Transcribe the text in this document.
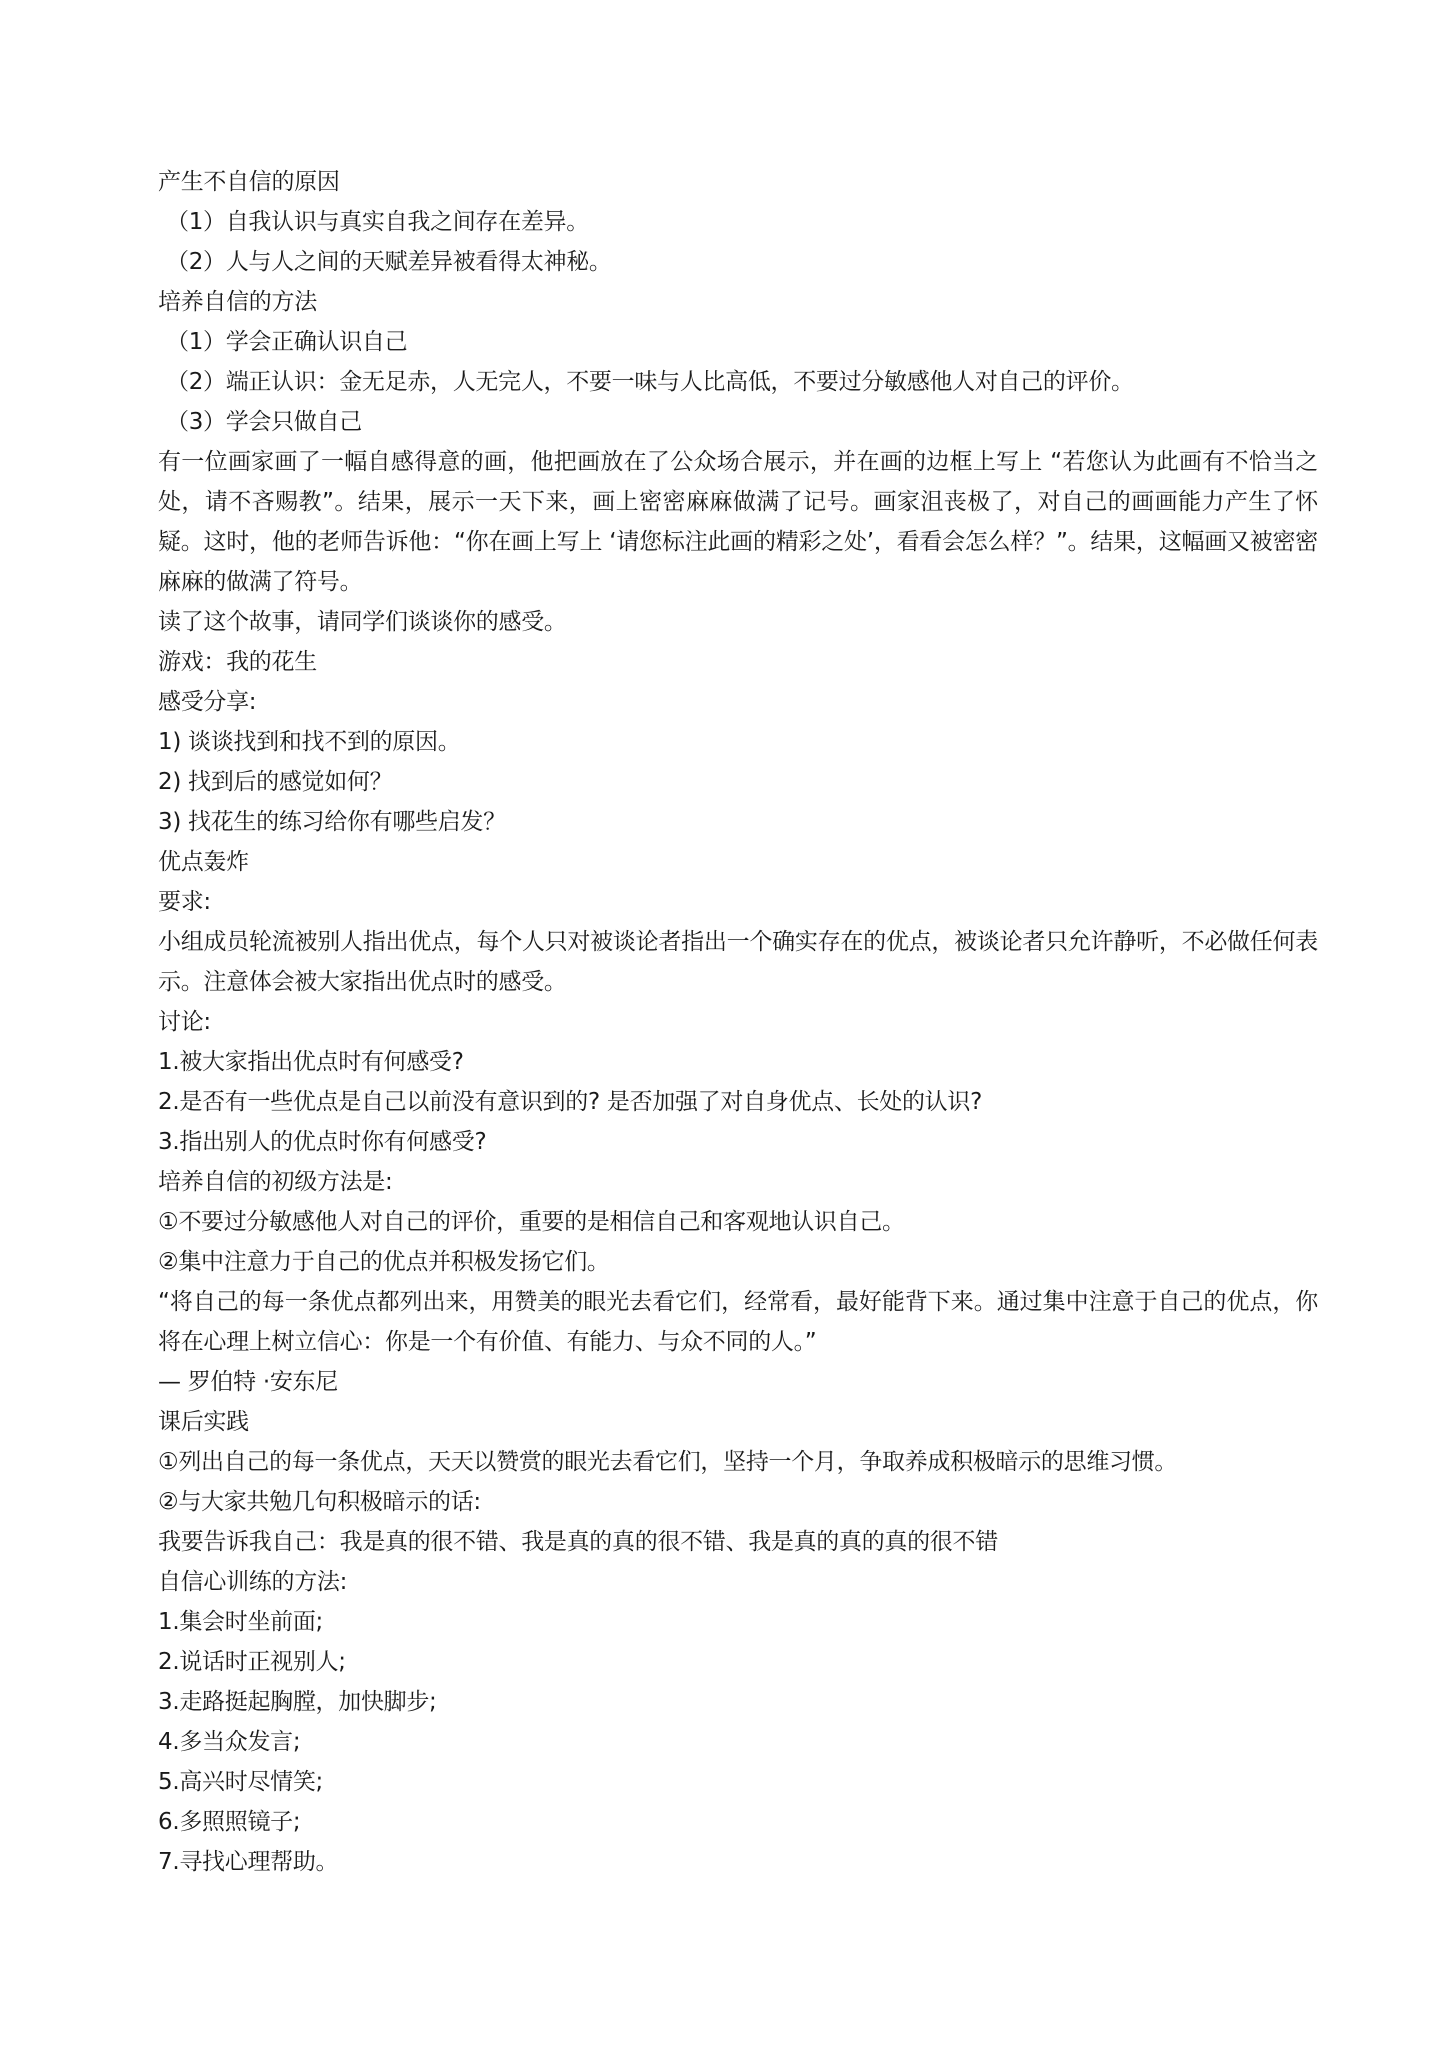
产生不自信的原因

（1）自我认识与真实自我之间存在差异。

（2）人与人之间的天赋差异被看得太神秘。

培养自信的方法

（1）学会正确认识自己

（2）端正认识：金无足赤，人无完人，不要一味与人比高低，不要过分敏感他人对自己的评价。

（3）学会只做自己

有一位画家画了一幅自感得意的画，他把画放在了公众场合展示，并在画的边框上写上 “若您认为此画有不恰当之处，请不吝赐教”。结果，展示一天下来，画上密密麻麻做满了记号。画家沮丧极了，对自己的画画能力产生了怀疑。这时，他的老师告诉他：“你在画上写上 ‘请您标注此画的精彩之处’，看看会怎么样？”。结果，这幅画又被密密麻麻的做满了符号。

读了这个故事，请同学们谈谈你的感受。

游戏：我的花生

感受分享:

1) 谈谈找到和找不到的原因。

2) 找到后的感觉如何？

3) 找花生的练习给你有哪些启发？

优点轰炸

要求:

小组成员轮流被别人指出优点，每个人只对被谈论者指出一个确实存在的优点，被谈论者只允许静听，不必做任何表示。注意体会被大家指出优点时的感受。

讨论:

1.被大家指出优点时有何感受?

2.是否有一些优点是自己以前没有意识到的? 是否加强了对自身优点、长处的认识?

3.指出别人的优点时你有何感受?

培养自信的初级方法是:

①不要过分敏感他人对自己的评价，重要的是相信自己和客观地认识自己。

②集中注意力于自己的优点并积极发扬它们。

“将自己的每一条优点都列出来，用赞美的眼光去看它们，经常看，最好能背下来。通过集中注意于自己的优点，你将在心理上树立信心：你是一个有价值、有能力、与众不同的人。”

— 罗伯特 ·安东尼

课后实践

①列出自己的每一条优点，天天以赞赏的眼光去看它们，坚持一个月，争取养成积极暗示的思维习惯。

②与大家共勉几句积极暗示的话:

我要告诉我自己：我是真的很不错、我是真的真的很不错、我是真的真的真的很不错

自信心训练的方法:

1.集会时坐前面;

2.说话时正视别人;

3.走路挺起胸膛，加快脚步;

4.多当众发言;

5.高兴时尽情笑;

6.多照照镜子;

7.寻找心理帮助。
